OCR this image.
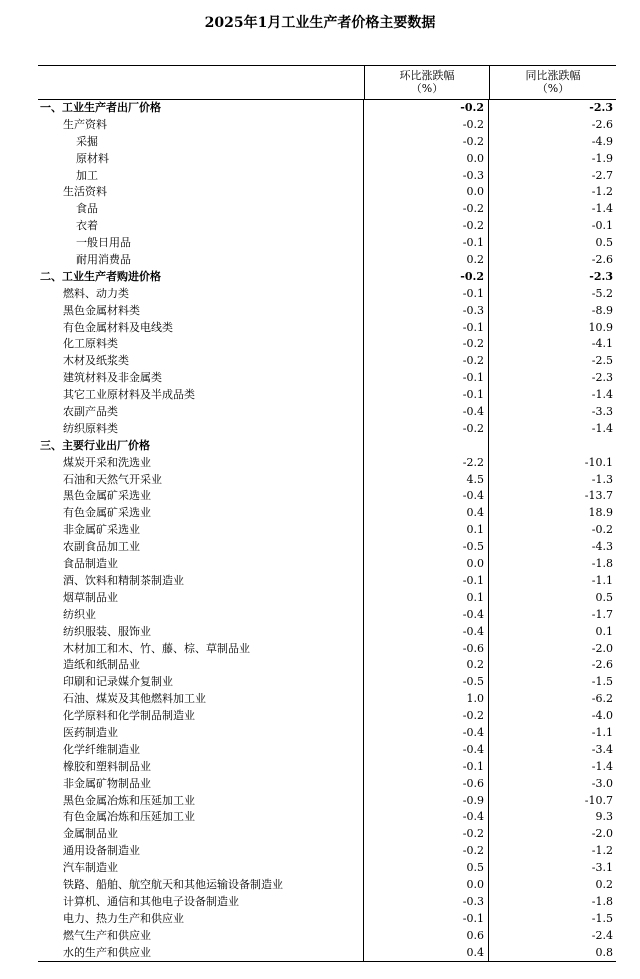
2025年1月工业生产者价格主要数据
环比涨跌幅
（%）
同比涨跌幅
（%）
一、工业生产者出厂价格	-0.2	-2.3
生产资料	-0.2	-2.6
采掘	-0.2	-4.9
原材料	0.0	-1.9
加工	-0.3	-2.7
生活资料	0.0	-1.2
食品	-0.2	-1.4
衣着	-0.2	-0.1
一般日用品	-0.1	0.5
耐用消费品	0.2	-2.6
二、工业生产者购进价格	-0.2	-2.3
燃料、动力类	-0.1	-5.2
黑色金属材料类	-0.3	-8.9
有色金属材料及电线类	-0.1	10.9
化工原料类	-0.2	-4.1
木材及纸浆类	-0.2	-2.5
建筑材料及非金属类	-0.1	-2.3
其它工业原材料及半成品类	-0.1	-1.4
农副产品类	-0.4	-3.3
纺织原料类	-0.2	-1.4
三、主要行业出厂价格
煤炭开采和洗选业	-2.2	-10.1
石油和天然气开采业	4.5	-1.3
黑色金属矿采选业	-0.4	-13.7
有色金属矿采选业	0.4	18.9
非金属矿采选业	0.1	-0.2
农副食品加工业	-0.5	-4.3
食品制造业	0.0	-1.8
酒、饮料和精制茶制造业	-0.1	-1.1
烟草制品业	0.1	0.5
纺织业	-0.4	-1.7
纺织服装、服饰业	-0.4	0.1
木材加工和木、竹、藤、棕、草制品业	-0.6	-2.0
造纸和纸制品业	0.2	-2.6
印刷和记录媒介复制业	-0.5	-1.5
石油、煤炭及其他燃料加工业	1.0	-6.2
化学原料和化学制品制造业	-0.2	-4.0
医药制造业	-0.4	-1.1
化学纤维制造业	-0.4	-3.4
橡胶和塑料制品业	-0.1	-1.4
非金属矿物制品业	-0.6	-3.0
黑色金属冶炼和压延加工业	-0.9	-10.7
有色金属冶炼和压延加工业	-0.4	9.3
金属制品业	-0.2	-2.0
通用设备制造业	-0.2	-1.2
汽车制造业	0.5	-3.1
铁路、船舶、航空航天和其他运输设备制造业	0.0	0.2
计算机、通信和其他电子设备制造业	-0.3	-1.8
电力、热力生产和供应业	-0.1	-1.5
燃气生产和供应业	0.6	-2.4
水的生产和供应业	0.4	0.8
